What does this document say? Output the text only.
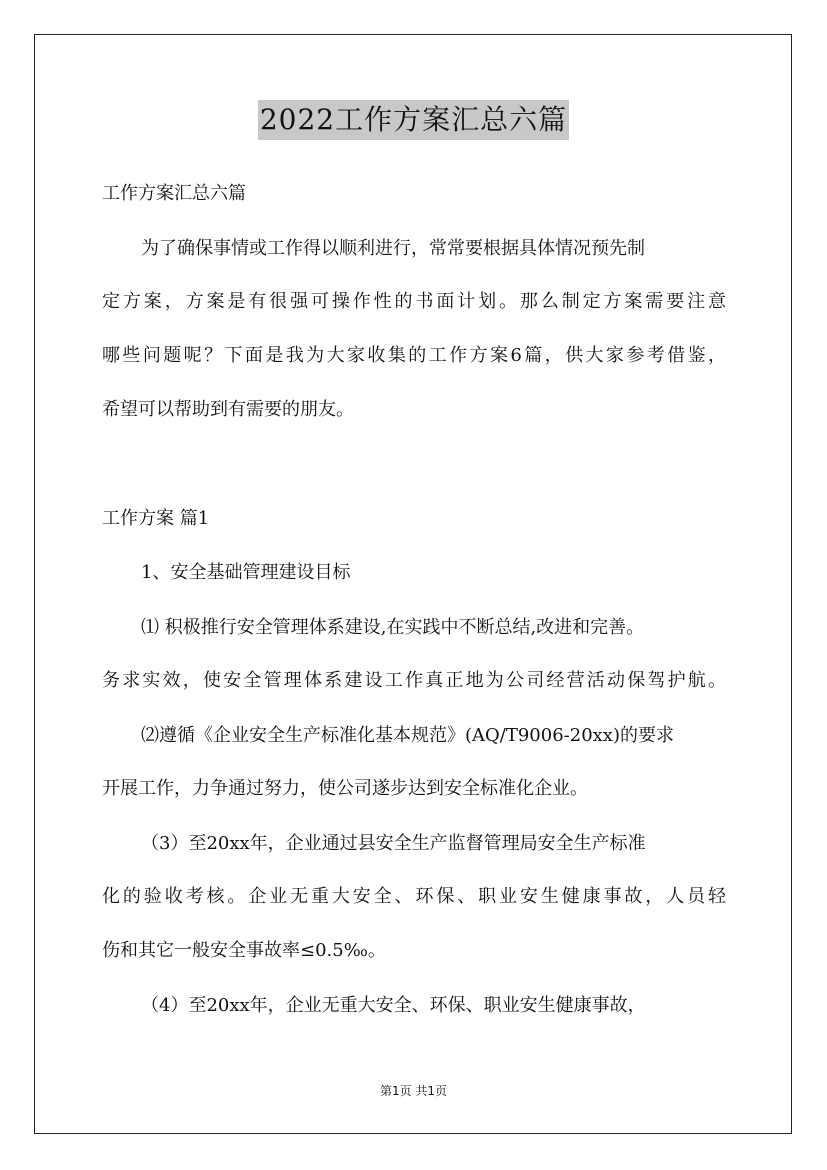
2022工作方案汇总六篇
工作方案汇总六篇
为了确保事情或工作得以顺利进行，常常要根据具体情况预先制
定方案，方案是有很强可操作性的书面计划。那么制定方案需要注意
哪些问题呢？下面是我为大家收集的工作方案6篇，供大家参考借鉴，
希望可以帮助到有需要的朋友。
工作方案 篇1
1、安全基础管理建设目标
⑴ 积极推行安全管理体系建设,在实践中不断总结,改进和完善。
务求实效，使安全管理体系建设工作真正地为公司经营活动保驾护航。
⑵遵循《企业安全生产标准化基本规范》(AQ/T9006-20xx)的要求
开展工作，力争通过努力，使公司遂步达到安全标准化企业。
（3）至20xx年，企业通过县安全生产监督管理局安全生产标准
化的验收考核。企业无重大安全、环保、职业安生健康事故，人员轻
伤和其它一般安全事故率≤0.5‰。
（4）至20xx年，企业无重大安全、环保、职业安生健康事故，
第1页 共1页
